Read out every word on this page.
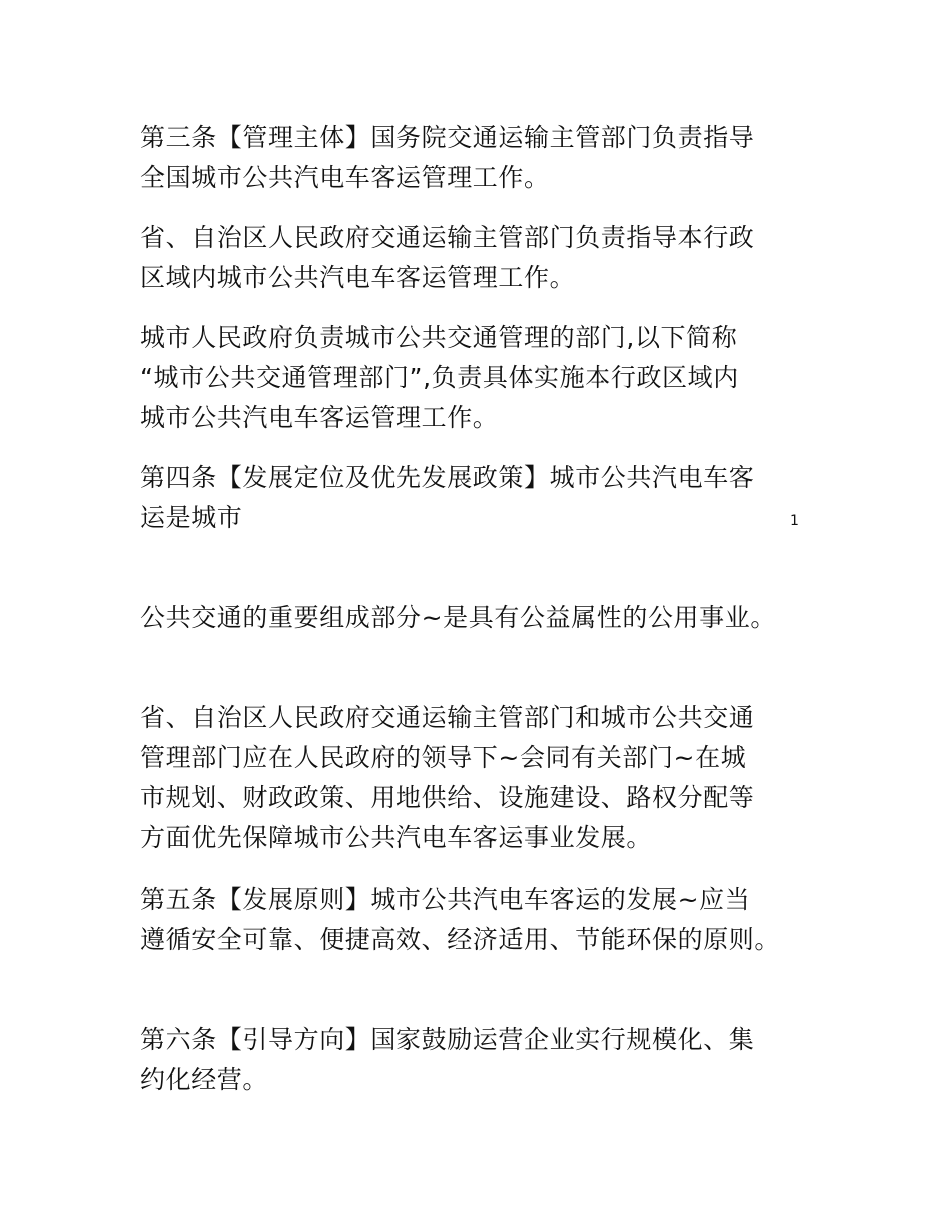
第三条【管理主体】国务院交通运输主管部门负责指导
全国城市公共汽电车客运管理工作。

省、自治区人民政府交通运输主管部门负责指导本行政
区域内城市公共汽电车客运管理工作。

城市人民政府负责城市公共交通管理的部门,以下简称
“城市公共交通管理部门”,负责具体实施本行政区域内
城市公共汽电车客运管理工作。

第四条【发展定位及优先发展政策】城市公共汽电车客
运是城市	1

公共交通的重要组成部分~是具有公益属性的公用事业。

省、自治区人民政府交通运输主管部门和城市公共交通
管理部门应在人民政府的领导下~会同有关部门~在城
市规划、财政政策、用地供给、设施建设、路权分配等
方面优先保障城市公共汽电车客运事业发展。

第五条【发展原则】城市公共汽电车客运的发展~应当
遵循安全可靠、便捷高效、经济适用、节能环保的原则。

第六条【引导方向】国家鼓励运营企业实行规模化、集
约化经营。
